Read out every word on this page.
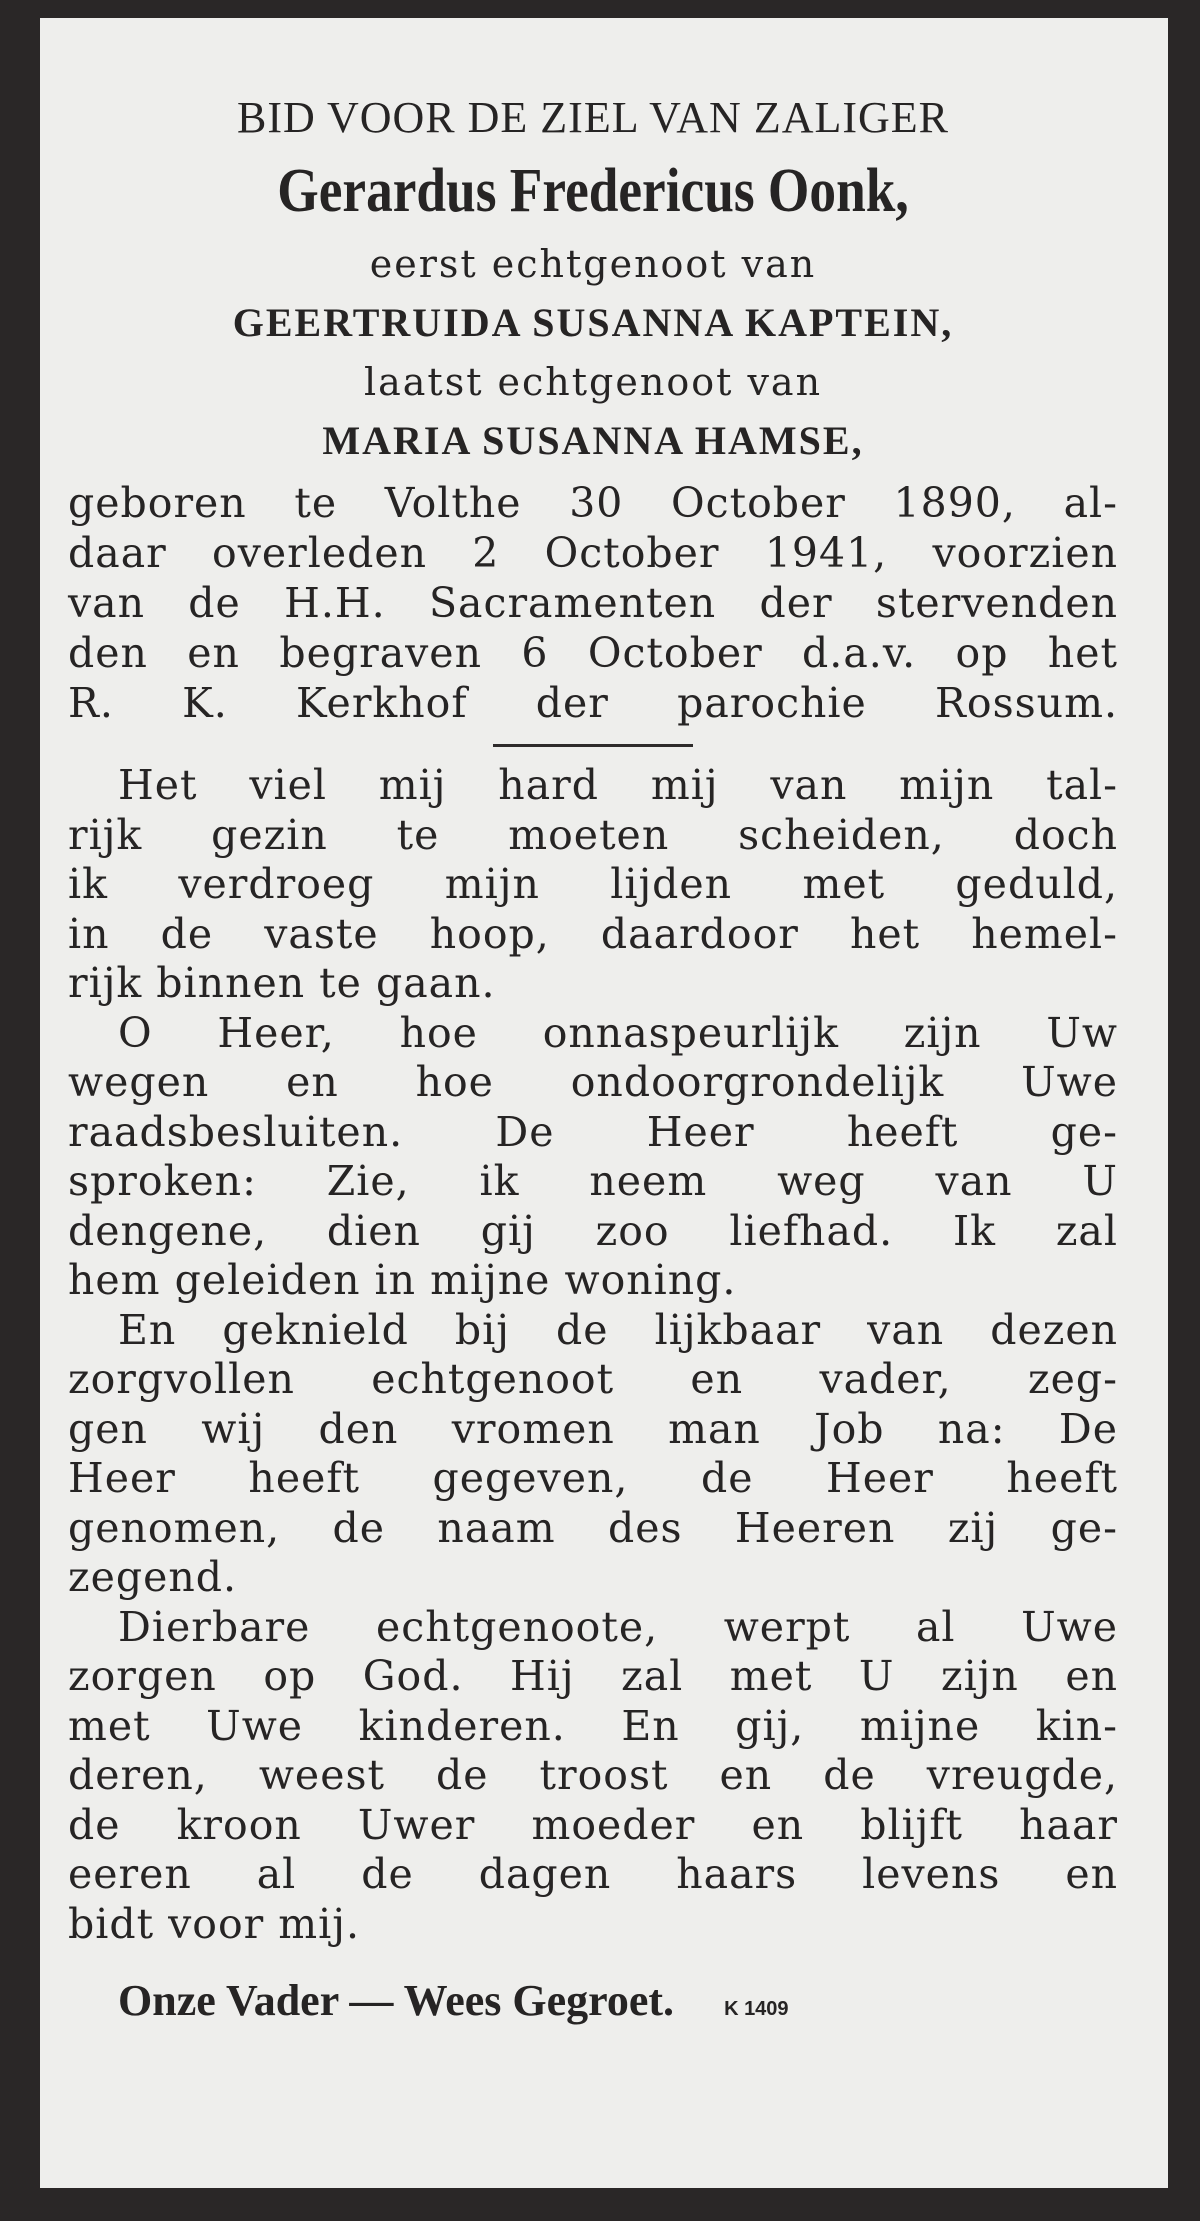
BID VOOR DE ZIEL VAN ZALIGER
Gerardus Fredericus Oonk,
eerst echtgenoot van
GEERTRUIDA SUSANNA KAPTEIN,
laatst echtgenoot van
MARIA SUSANNA HAMSE,
geboren te Volthe 30 October 1890, al-
daar overleden 2 October 1941, voorzien
van de H.H. Sacramenten der stervenden
den en begraven 6 October d.a.v. op het
R. K. Kerkhof der parochie Rossum.
Het viel mij hard mij van mijn tal-
rijk gezin te moeten scheiden, doch
ik verdroeg mijn lijden met geduld,
in de vaste hoop, daardoor het hemel-
rijk binnen te gaan.
O Heer, hoe onnaspeurlijk zijn Uw
wegen en hoe ondoorgrondelijk Uwe
raadsbesluiten. De Heer heeft ge-
sproken: Zie, ik neem weg van U
dengene, dien gij zoo liefhad. Ik zal
hem geleiden in mijne woning.
En geknield bij de lijkbaar van dezen
zorgvollen echtgenoot en vader, zeg-
gen wij den vromen man Job na: De
Heer heeft gegeven, de Heer heeft
genomen, de naam des Heeren zij ge-
zegend.
Dierbare echtgenoote, werpt al Uwe
zorgen op God. Hij zal met U zijn en
met Uwe kinderen. En gij, mijne kin-
deren, weest de troost en de vreugde,
de kroon Uwer moeder en blijft haar
eeren al de dagen haars levens en
bidt voor mij.
Onze Vader — Wees Gegroet.	K 1409
